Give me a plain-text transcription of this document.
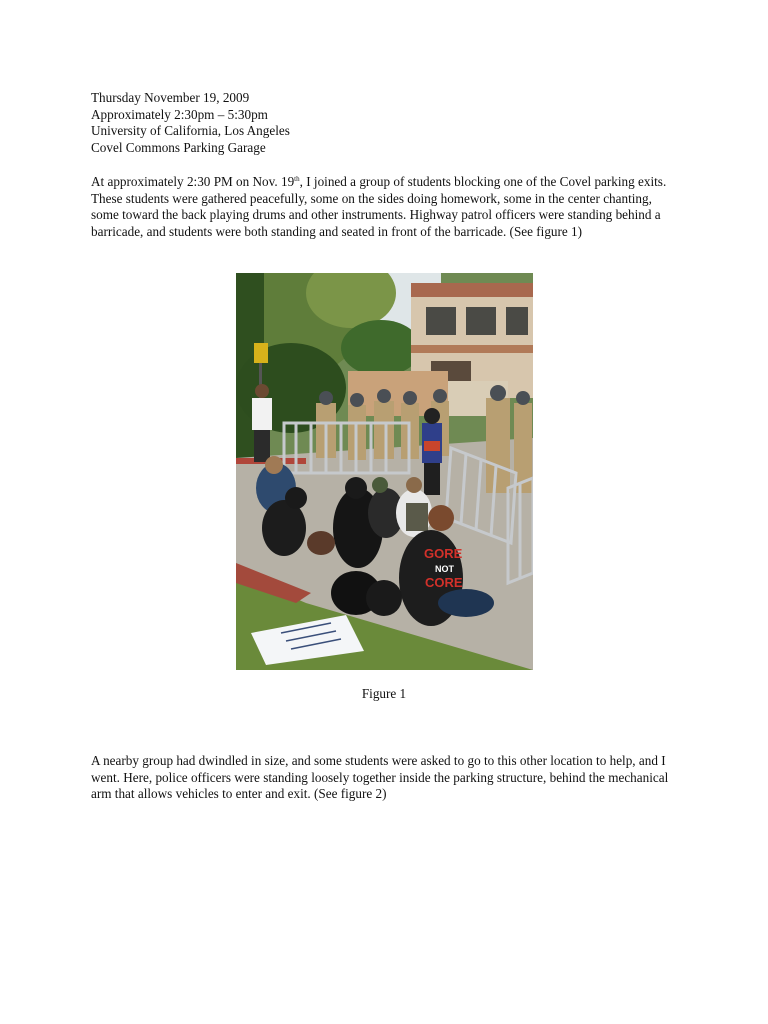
Thursday November 19, 2009
Approximately 2:30pm – 5:30pm
University of California, Los Angeles
Covel Commons Parking Garage

At approximately 2:30 PM on Nov. 19th, I joined a group of students blocking one of the Covel parking exits. These students were gathered peacefully, some on the sides doing homework, some in the center chanting, some toward the back playing drums and other instruments. Highway patrol officers were standing behind a barricade, and students were both standing and seated in front of the barricade. (See figure 1)

GORE
NOT
CORE
Figure 1

A nearby group had dwindled in size, and some students were asked to go to this other location to help, and I went. Here, police officers were standing loosely together inside the parking structure, behind the mechanical arm that allows vehicles to enter and exit. (See figure 2)
